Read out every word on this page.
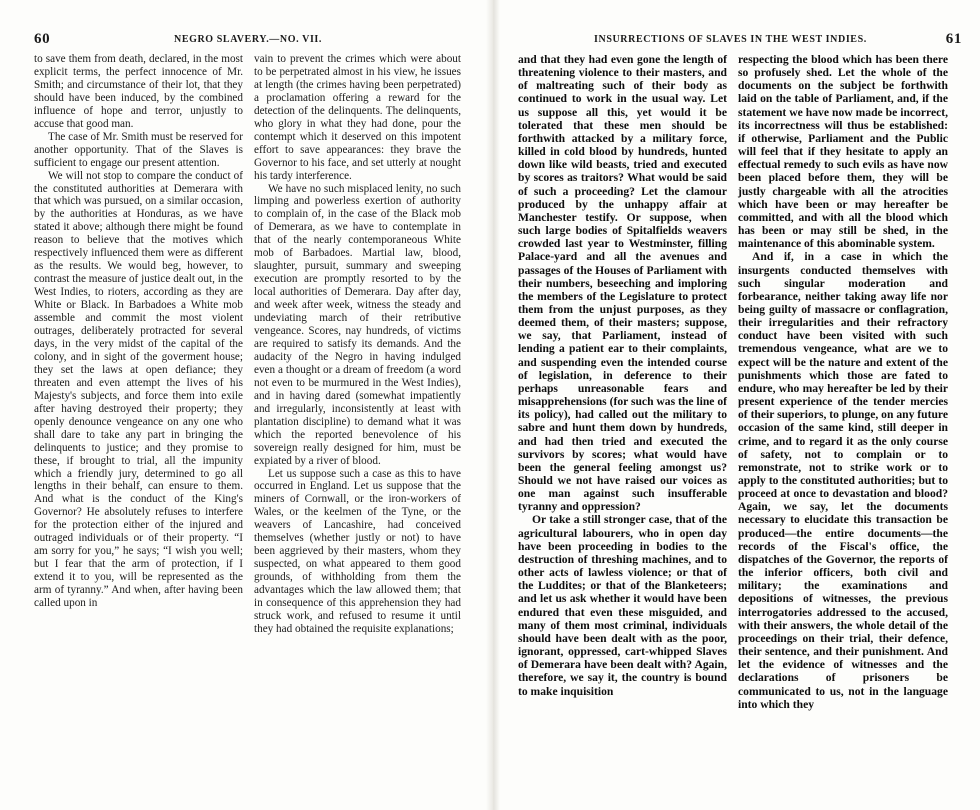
60	NEGRO SLAVERY.—NO. VII.

to save them from death, declared, in the most explicit terms, the perfect innocence of Mr. Smith; and circumstance of their lot, that they should have been induced, by the combined influence of hope and terror, unjustly to accuse that good man.

The case of Mr. Smith must be reserved for another opportunity. That of the Slaves is sufficient to engage our present attention.

We will not stop to compare the conduct of the constituted authorities at Demerara with that which was pursued, on a similar occasion, by the authorities at Honduras, as we have stated it above; although there might be found reason to believe that the motives which respectively influenced them were as different as the results. We would beg, however, to contrast the measure of justice dealt out, in the West Indies, to rioters, according as they are White or Black. In Barbadoes a White mob assemble and commit the most violent outrages, deliberately protracted for several days, in the very midst of the capital of the colony, and in sight of the goverment house; they set the laws at open defiance; they threaten and even attempt the lives of his Majesty's subjects, and force them into exile after having destroyed their property; they openly denounce vengeance on any one who shall dare to take any part in bringing the delinquents to justice; and they promise to these, if brought to trial, all the impunity which a friendly jury, determined to go all lengths in their behalf, can ensure to them. And what is the conduct of the King's Governor? He absolutely refuses to interfere for the protection either of the injured and outraged individuals or of their property. “I am sorry for you,” he says; “I wish you well; but I fear that the arm of protection, if I extend it to you, will be represented as the arm of tyranny.” And when, after having been called upon in

vain to prevent the crimes which were about to be perpetrated almost in his view, he issues at length (the crimes having been perpetrated) a proclamation offering a reward for the detection of the delinquents. The delinquents, who glory in what they had done, pour the contempt which it deserved on this impotent effort to save appearances: they brave the Governor to his face, and set utterly at nought his tardy interference.

We have no such misplaced lenity, no such limping and powerless exertion of authority to complain of, in the case of the Black mob of Demerara, as we have to contemplate in that of the nearly contemporaneous White mob of Barbadoes. Martial law, blood, slaughter, pursuit, summary and sweeping execution are promptly resorted to by the local authorities of Demerara. Day after day, and week after week, witness the steady and undeviating march of their retributive vengeance. Scores, nay hundreds, of victims are required to satisfy its demands. And the audacity of the Negro in having indulged even a thought or a dream of freedom (a word not even to be murmured in the West Indies), and in having dared (somewhat impatiently and irregularly, inconsistently at least with plantation discipline) to demand what it was which the reported benevolence of his sovereign really designed for him, must be expiated by a river of blood.

Let us suppose such a case as this to have occurred in England. Let us suppose that the miners of Cornwall, or the iron-workers of Wales, or the keelmen of the Tyne, or the weavers of Lancashire, had conceived themselves (whether justly or not) to have been aggrieved by their masters, whom they suspected, on what appeared to them good grounds, of withholding from them the advantages which the law allowed them; that in consequence of this apprehension they had struck work, and refused to resume it until they had obtained the requisite explanations;

INSURRECTIONS OF SLAVES IN THE WEST INDIES.	61

and that they had even gone the length of threatening violence to their masters, and of maltreating such of their body as continued to work in the usual way. Let us suppose all this, yet would it be tolerated that these men should be forthwith attacked by a military force, killed in cold blood by hundreds, hunted down like wild beasts, tried and executed by scores as traitors? What would be said of such a proceeding? Let the clamour produced by the unhappy affair at Manchester testify. Or suppose, when such large bodies of Spitalfields weavers crowded last year to Westminster, filling Palace-yard and all the avenues and passages of the Houses of Parliament with their numbers, beseeching and imploring the members of the Legislature to protect them from the unjust purposes, as they deemed them, of their masters; suppose, we say, that Parliament, instead of lending a patient ear to their complaints, and suspending even the intended course of legislation, in deference to their perhaps unreasonable fears and misapprehensions (for such was the line of its policy), had called out the military to sabre and hunt them down by hundreds, and had then tried and executed the survivors by scores; what would have been the general feeling amongst us? Should we not have raised our voices as one man against such insufferable tyranny and oppression?

Or take a still stronger case, that of the agricultural labourers, who in open day have been proceeding in bodies to the destruction of threshing machines, and to other acts of lawless violence; or that of the Luddites; or that of the Blanketeers; and let us ask whether it would have been endured that even these misguided, and many of them most criminal, individuals should have been dealt with as the poor, ignorant, oppressed, cart-whipped Slaves of Demerara have been dealt with? Again, therefore, we say it, the country is bound to make inquisition

respecting the blood which has been there so profusely shed. Let the whole of the documents on the subject be forthwith laid on the table of Parliament, and, if the statement we have now made be incorrect, its incorrectness will thus be established: if otherwise, Parliament and the Public will feel that if they hesitate to apply an effectual remedy to such evils as have now been placed before them, they will be justly chargeable with all the atrocities which have been or may hereafter be committed, and with all the blood which has been or may still be shed, in the maintenance of this abominable system.

And if, in a case in which the insurgents conducted themselves with such singular moderation and forbearance, neither taking away life nor being guilty of massacre or conflagration, their irregularities and their refractory conduct have been visited with such tremendous vengeance, what are we to expect will be the nature and extent of the punishments which those are fated to endure, who may hereafter be led by their present experience of the tender mercies of their superiors, to plunge, on any future occasion of the same kind, still deeper in crime, and to regard it as the only course of safety, not to complain or to remonstrate, not to strike work or to apply to the constituted authorities; but to proceed at once to devastation and blood? Again, we say, let the documents necessary to elucidate this transaction be produced—the entire documents—the records of the Fiscal's office, the dispatches of the Governor, the reports of the inferior officers, both civil and military; the examinations and depositions of witnesses, the previous interrogatories addressed to the accused, with their answers, the whole detail of the proceedings on their trial, their defence, their sentence, and their punishment. And let the evidence of witnesses and the declarations of prisoners be communicated to us, not in the language into which they
